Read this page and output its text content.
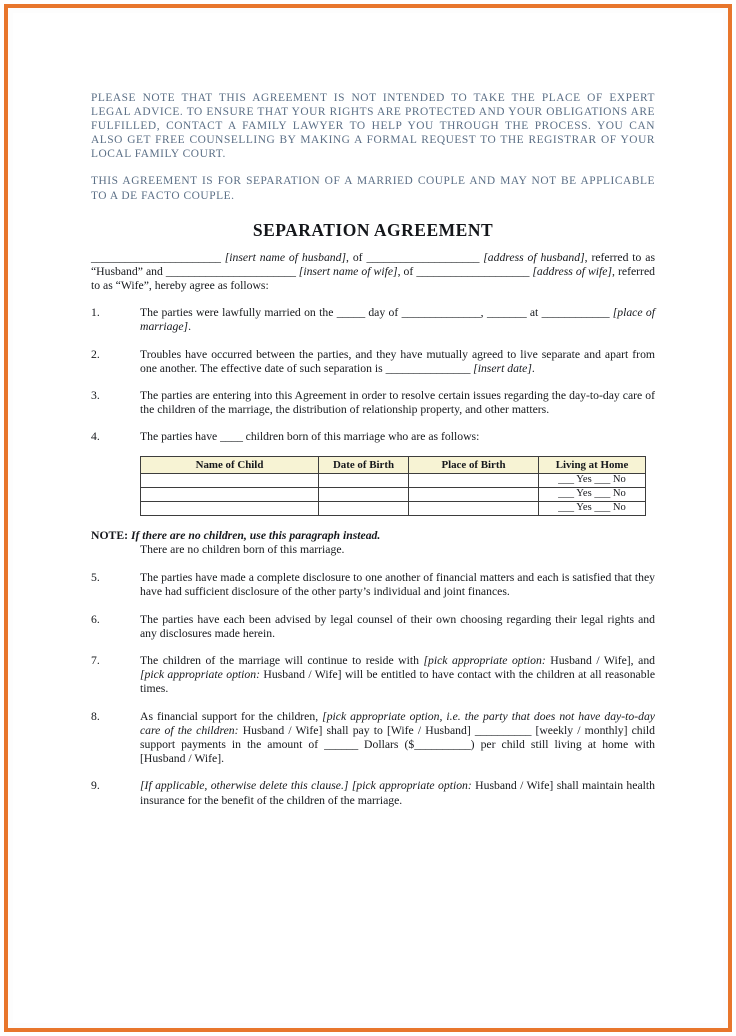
PLEASE NOTE THAT THIS AGREEMENT IS NOT INTENDED TO TAKE THE PLACE OF EXPERT LEGAL ADVICE. TO ENSURE THAT YOUR RIGHTS ARE PROTECTED AND YOUR OBLIGATIONS ARE FULFILLED, CONTACT A FAMILY LAWYER TO HELP YOU THROUGH THE PROCESS. YOU CAN ALSO GET FREE COUNSELLING BY MAKING A FORMAL REQUEST TO THE REGISTRAR OF YOUR LOCAL FAMILY COURT.
THIS AGREEMENT IS FOR SEPARATION OF A MARRIED COUPLE AND MAY NOT BE APPLICABLE TO A DE FACTO COUPLE.
SEPARATION AGREEMENT
_______________________ [insert name of husband], of ____________________ [address of husband], referred to as “Husband” and _______________________ [insert name of wife], of ____________________ [address of wife], referred to as “Wife”, hereby agree as follows:
1.	The parties were lawfully married on the _____ day of ______________, _______ at ____________ [place of marriage].
2.	Troubles have occurred between the parties, and they have mutually agreed to live separate and apart from one another. The effective date of such separation is _______________ [insert date].
3.	The parties are entering into this Agreement in order to resolve certain issues regarding the day-to-day care of the children of the marriage, the distribution of relationship property, and other matters.
4.	The parties have ____ children born of this marriage who are as follows:
Name of Child	Date of Birth	Place of Birth	Living at Home
			___ Yes ___ No
			___ Yes ___ No
			___ Yes ___ No
NOTE: If there are no children, use this paragraph instead.
There are no children born of this marriage.
5.	The parties have made a complete disclosure to one another of financial matters and each is satisfied that they have had sufficient disclosure of the other party’s individual and joint finances.
6.	The parties have each been advised by legal counsel of their own choosing regarding their legal rights and any disclosures made herein.
7.	The children of the marriage will continue to reside with [pick appropriate option: Husband / Wife], and [pick appropriate option: Husband / Wife] will be entitled to have contact with the children at all reasonable times.
8.	As financial support for the children, [pick appropriate option, i.e. the party that does not have day-to-day care of the children: Husband / Wife] shall pay to [Wife / Husband] __________ [weekly / monthly] child support payments in the amount of ______ Dollars ($__________) per child still living at home with [Husband / Wife].
9.	[If applicable, otherwise delete this clause.] [pick appropriate option: Husband / Wife] shall maintain health insurance for the benefit of the children of the marriage.
